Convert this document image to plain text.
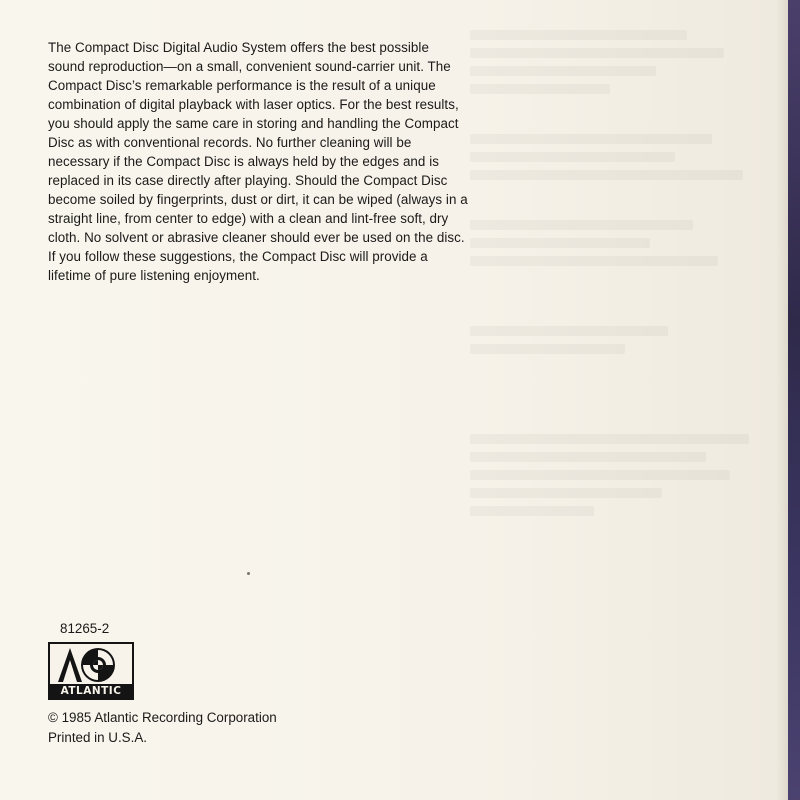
The Compact Disc Digital Audio System offers the best possible sound reproduction—on a small, convenient sound-carrier unit. The Compact Disc’s remarkable performance is the result of a unique combination of digital playback with laser optics. For the best results, you should apply the same care in storing and handling the Compact Disc as with conventional records. No further cleaning will be necessary if the Compact Disc is always held by the edges and is replaced in its case directly after playing. Should the Compact Disc become soiled by fingerprints, dust or dirt, it can be wiped (always in a straight line, from center to edge) with a clean and lint-free soft, dry cloth. No solvent or abrasive cleaner should ever be used on the disc. If you follow these suggestions, the Compact Disc will provide a lifetime of pure listening enjoyment.

81265-2

ATLANTIC

© 1985 Atlantic Recording Corporation

Printed in U.S.A.
